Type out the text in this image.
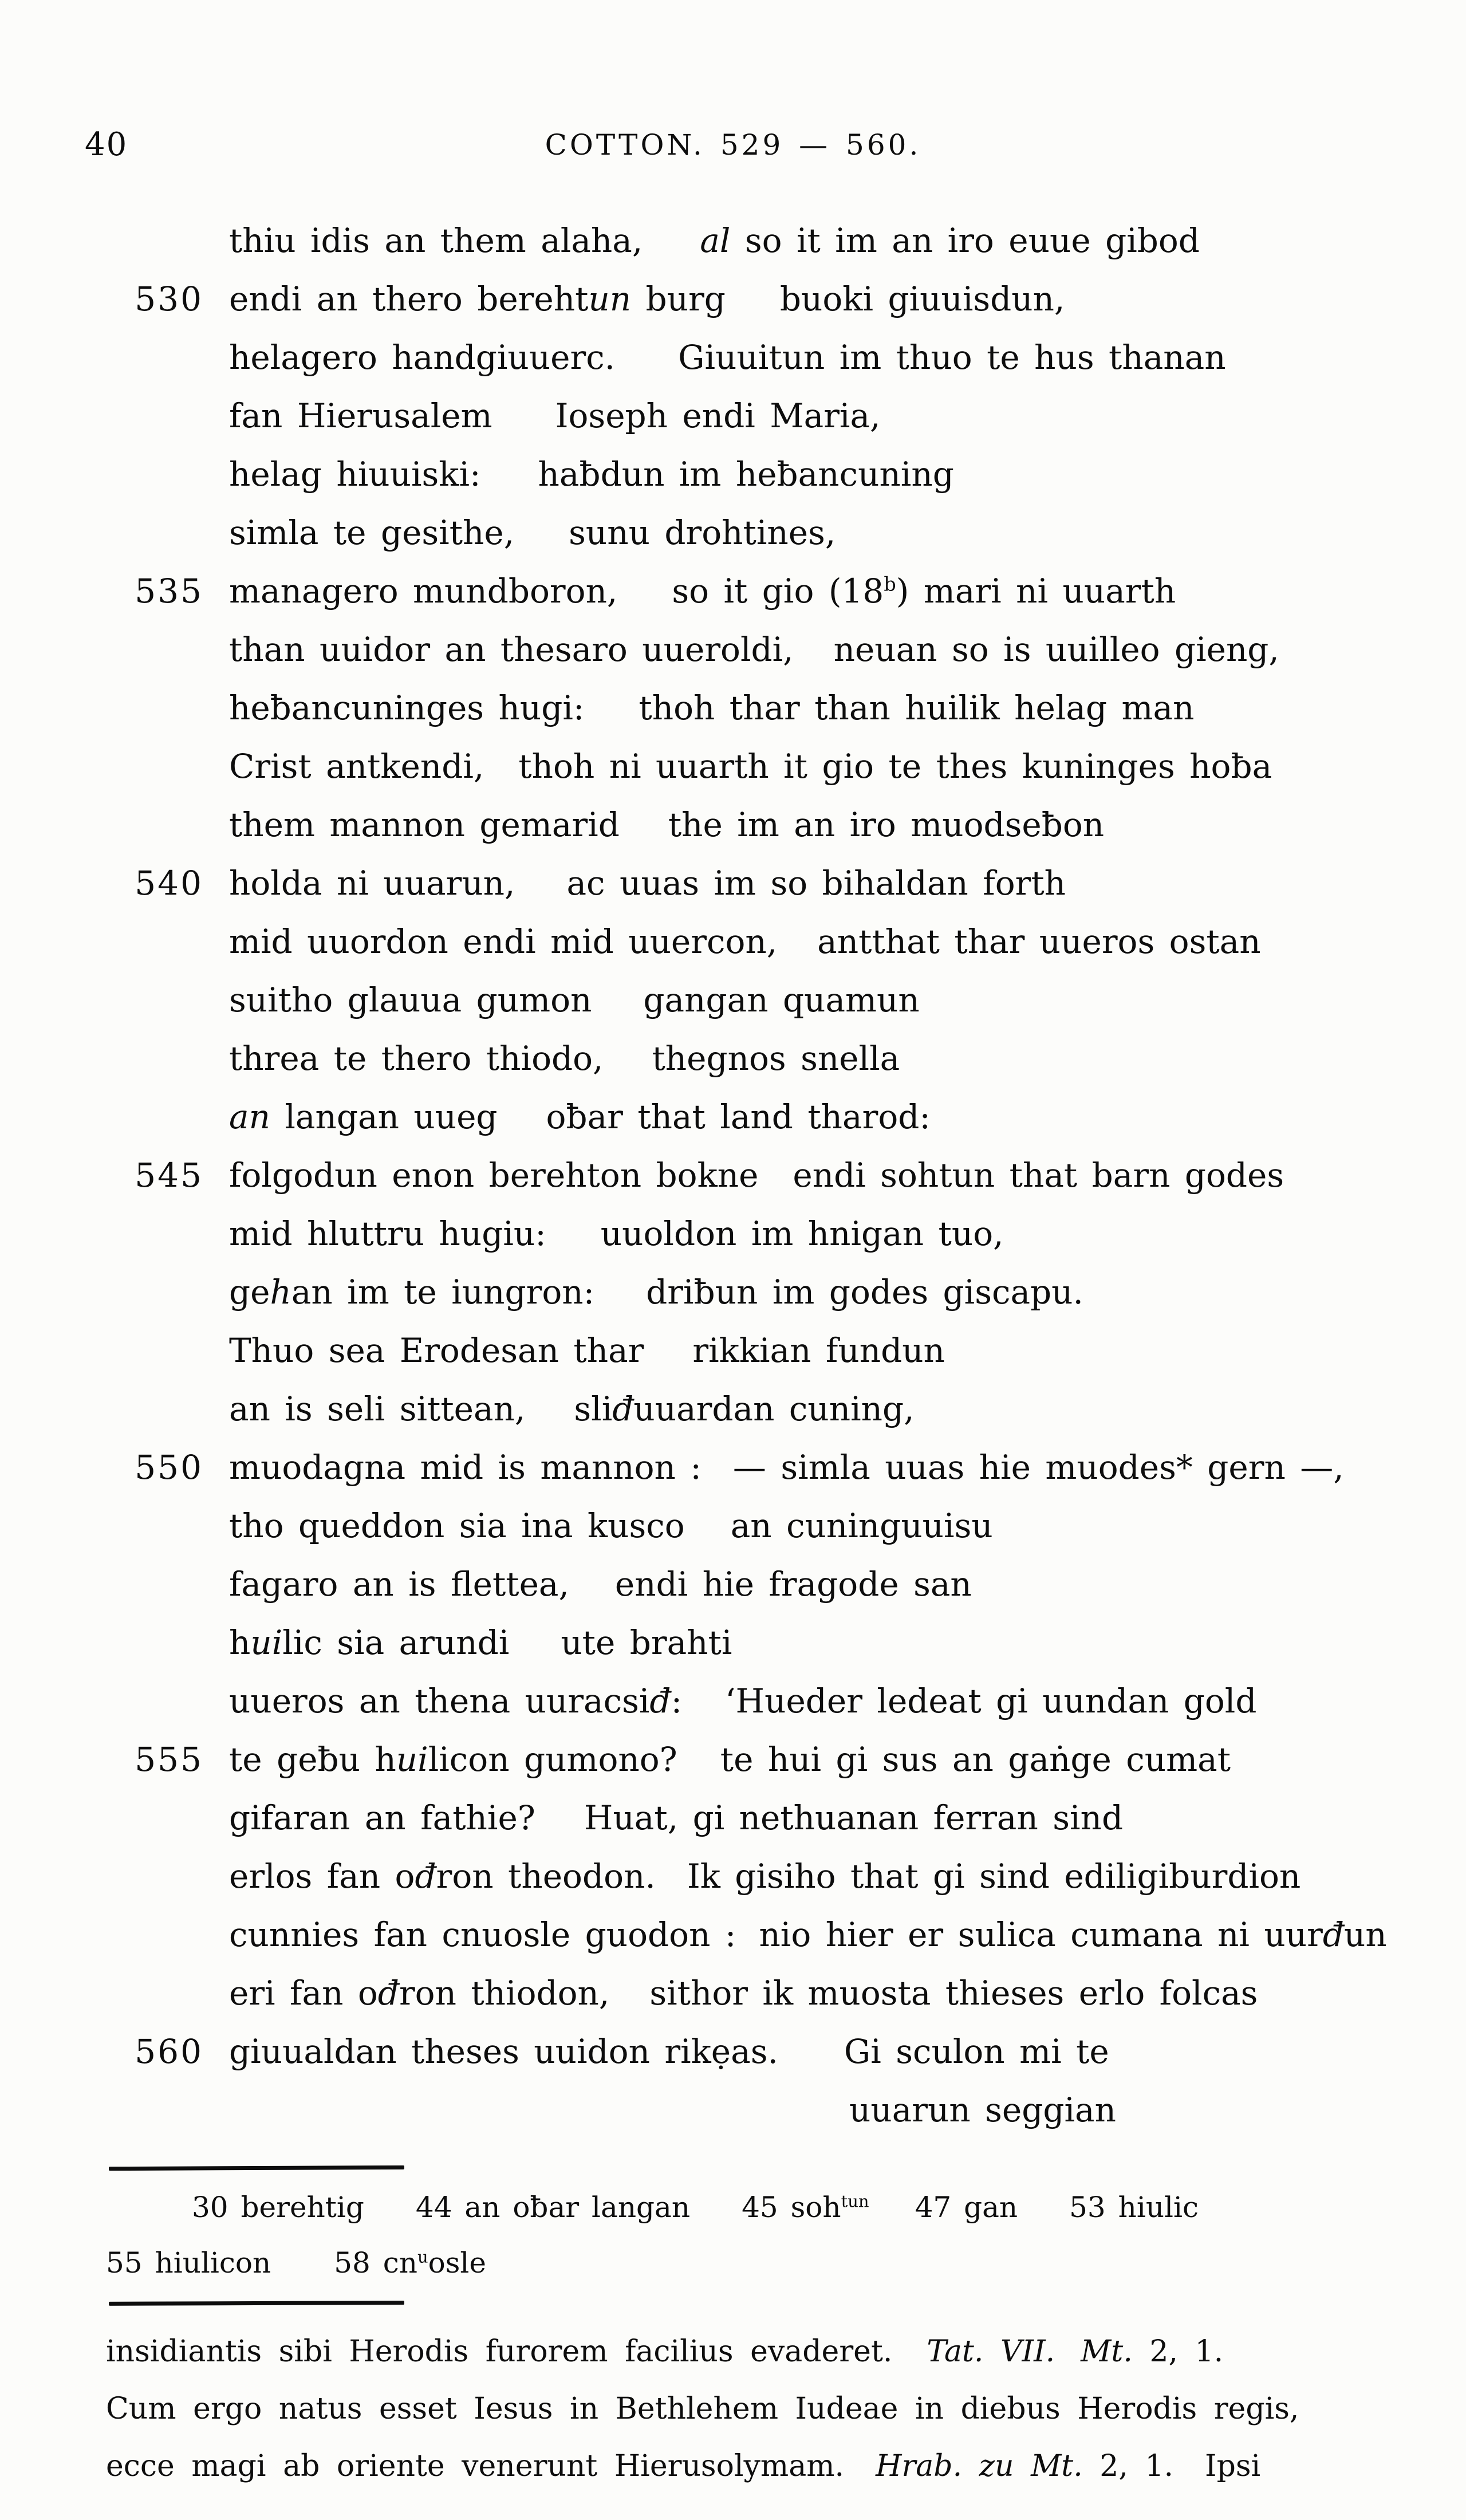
40	COTTON. 529 — 560.
thiu idis an them alaha, al so it im an iro euue gibod
530 endi an thero berehtun burg buoki giuuisdun,
helagero handgiuuerc. Giuuitun im thuo te hus thanan
fan Hierusalem Ioseph endi Maria,
helag hiuuiski: haƀdun im heƀancuning
simla te gesithe, sunu drohtines,
535 managero mundboron, so it gio (18$^b$) mari ni uuarth
than uuidor an thesaro uueroldi, neuan so is uuilleo gieng,
heƀancuninges hugi: thoh thar than huilik helag man
Crist antkendi, thoh ni uuarth it gio te thes kuninges hoƀa
them mannon gemarid the im an iro muodseƀon
540 holda ni uuarun, ac uuas im so bihaldan forth
mid uuordon endi mid uuercon, antthat thar uueros ostan
suitho glauua gumon gangan quamun
threa te thero thiodo, thegnos snella
an langan uueg oƀar that land tharod:
545 folgodun enon berehton bokne endi sohtun that barn godes
mid hluttru hugiu: uuoldon im hnigan tuo,
gehan im te iungron: driƀun im godes giscapu.
Thuo sea Erodesan thar rikkian fundun
an is seli sittean, sliđuuardan cuning,
550 muodagna mid is mannon : — simla uuas hie muodes* gern —,
tho queddon sia ina kusco an cuninguuisu
fagaro an is flettea, endi hie fragode san
huilic sia arundi ute brahti
uueros an thena uuracsiđ: ‘Hueder ledeat gi uundan gold
555 te geƀu huilicon gumono? te hui gi sus an gaṅge cumat
gifaran an fathie? Huat, gi nethuanan ferran sind
erlos fan ođron theodon. Ik gisiho that gi sind ediligiburdion
cunnies fan cnuosle guodon : nio hier er sulica cumana ni uurđun
eri fan ođron thiodon, sithor ik muosta thieses erlo folcas
560 giuualdan theses uuidon rikẹas. Gi sculon mi te
uuarun seggian
30 berehtig 44 an oƀar langan 45 soh$^{tun}$ 47 gan 53 hiulic
55 hiulicon 58 $cn^uosle$
insidiantis sibi Herodis furorem facilius evaderet. Tat. VII. Mt. 2, 1.
Cum ergo natus esset Iesus in Bethlehem Iudeae in diebus Herodis regis,
ecce magi ab oriente venerunt Hierusolymam. Hrab. zu Mt. 2, 1. Ipsi
